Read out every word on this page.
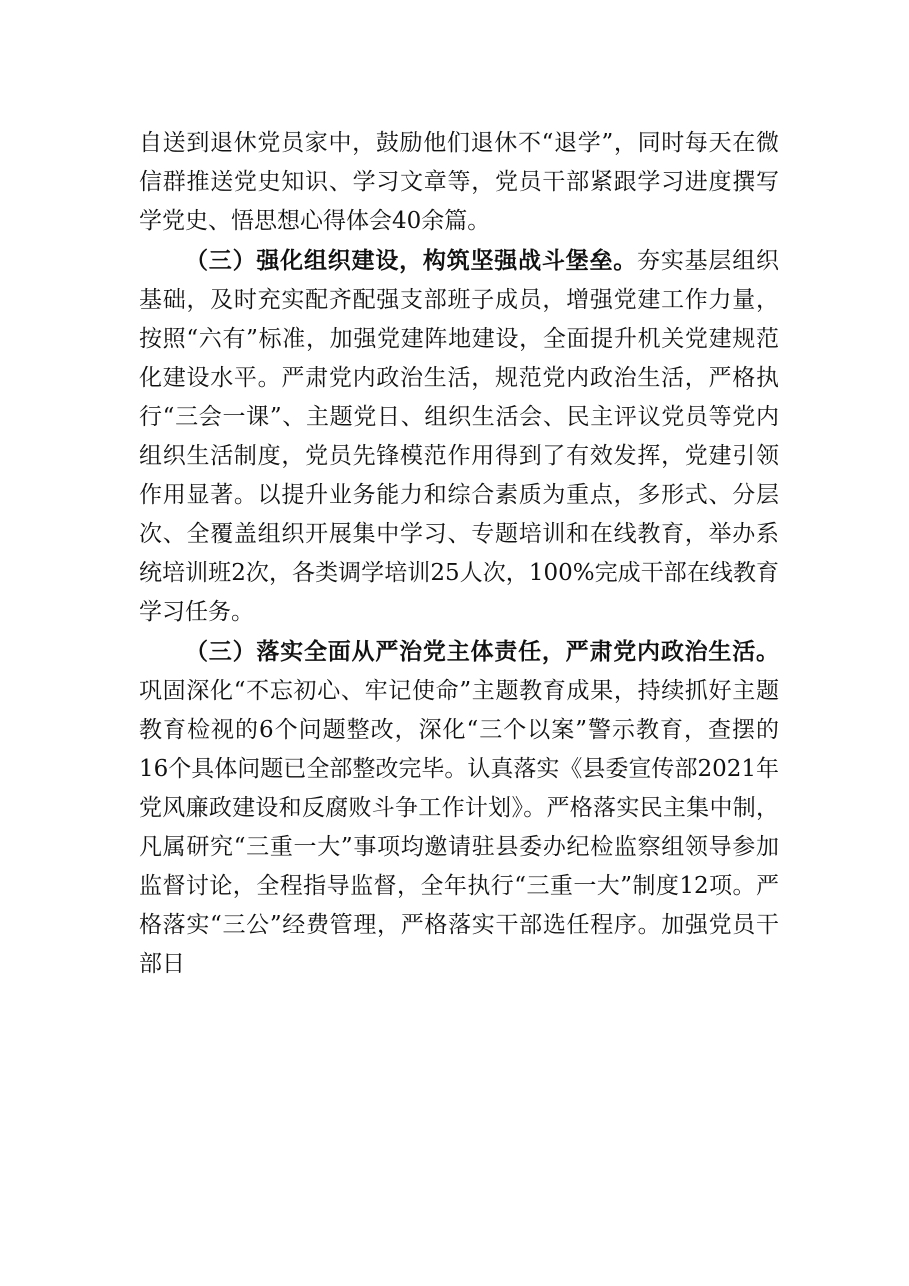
自送到退休党员家中，鼓励他们退休不“退学”，同时每天在微信群推送党史知识、学习文章等，党员干部紧跟学习进度撰写学党史、悟思想心得体会40余篇。

（三）强化组织建设，构筑坚强战斗堡垒。夯实基层组织基础，及时充实配齐配强支部班子成员，增强党建工作力量，按照“六有”标准，加强党建阵地建设，全面提升机关党建规范化建设水平。严肃党内政治生活，规范党内政治生活，严格执行“三会一课”、主题党日、组织生活会、民主评议党员等党内组织生活制度，党员先锋模范作用得到了有效发挥，党建引领作用显著。以提升业务能力和综合素质为重点，多形式、分层次、全覆盖组织开展集中学习、专题培训和在线教育，举办系统培训班2次，各类调学培训25人次，100%完成干部在线教育学习任务。

（三）落实全面从严治党主体责任，严肃党内政治生活。巩固深化“不忘初心、牢记使命”主题教育成果，持续抓好主题教育检视的6个问题整改，深化“三个以案”警示教育，查摆的16个具体问题已全部整改完毕。认真落实《县委宣传部2021年党风廉政建设和反腐败斗争工作计划》。严格落实民主集中制，凡属研究“三重一大”事项均邀请驻县委办纪检监察组领导参加监督讨论，全程指导监督，全年执行“三重一大”制度12项。严格落实“三公”经费管理，严格落实干部选任程序。加强党员干部日
